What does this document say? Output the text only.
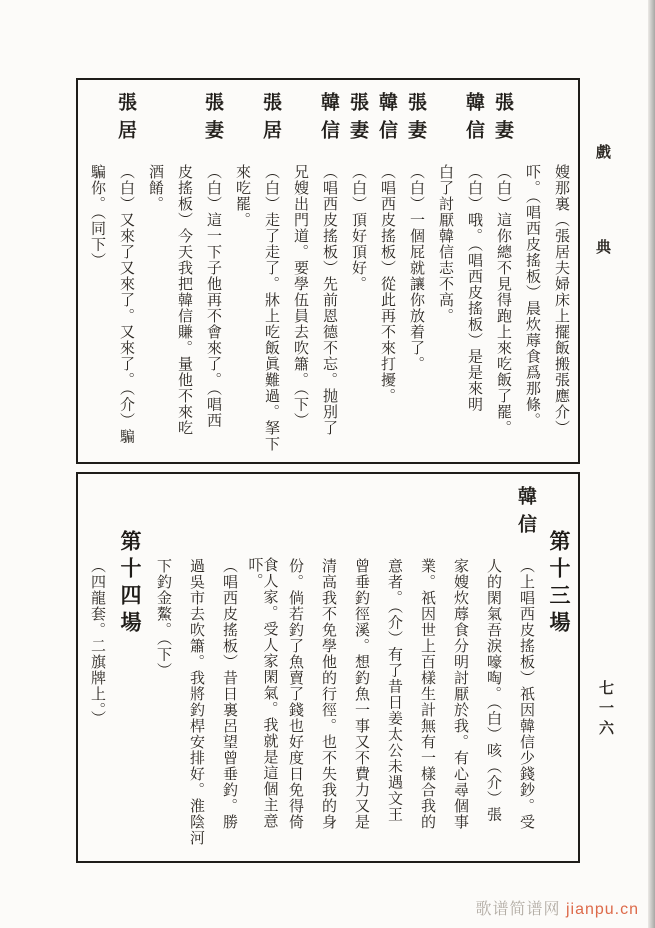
嫂那裏（張居夫婦床上擺飯搬張應介）
吓。（唱西皮搖板）晨炊蓐食爲那條。
張妻
（白）這你總不見得跑上來吃飯了罷。
韓信
（白）哦。（唱西皮搖板）是是來明
白了討厭韓信志不高。
張妻
（白）一個屁就讓你放着了。
韓信
（唱西皮搖板）從此再不來打擾。
張妻
（白）頂好頂好。
韓信
（唱西皮搖板）先前恩德不忘。抛別了
兄嫂出門道。要學伍員去吹簫。（下）
張居
（白）走了走了。牀上吃飯眞難過。拏下
來吃罷。
張妻
（白）這一下子他再不會來了。（唱西
皮搖板）今天我把韓信賺。量他不來吃
酒餚。
張居
（白）又來了又來了。又來了。（介）騙
騙你。（同下）
第十三場
韓信
（上唱西皮搖板）祇因韓信少錢鈔。受
人的閑氣吾淚嚎啕。（白）咳（介）張
家嫂炊蓐食分明討厭於我。有心尋個事
業。祇因世上百樣生計無有一樣合我的
意者。（介）有了昔日姜太公未遇文王
曾垂釣徑溪。想釣魚一事又不費力又是
清高我不免學他的行徑。也不失我的身
份。倘若釣了魚賣了錢也好度日免得倚
食人家。受人家閑氣。我就是這個主意吓。
（唱西皮搖板）昔日裏呂望曾垂釣。勝
過吳市去吹簫。我將釣桿安排好。淮陰河
下釣金鰲。（下）
第十四場
（四龍套。二旗牌上。）
戲
典
七一六
歌谱简谱网 jianpu.cn
